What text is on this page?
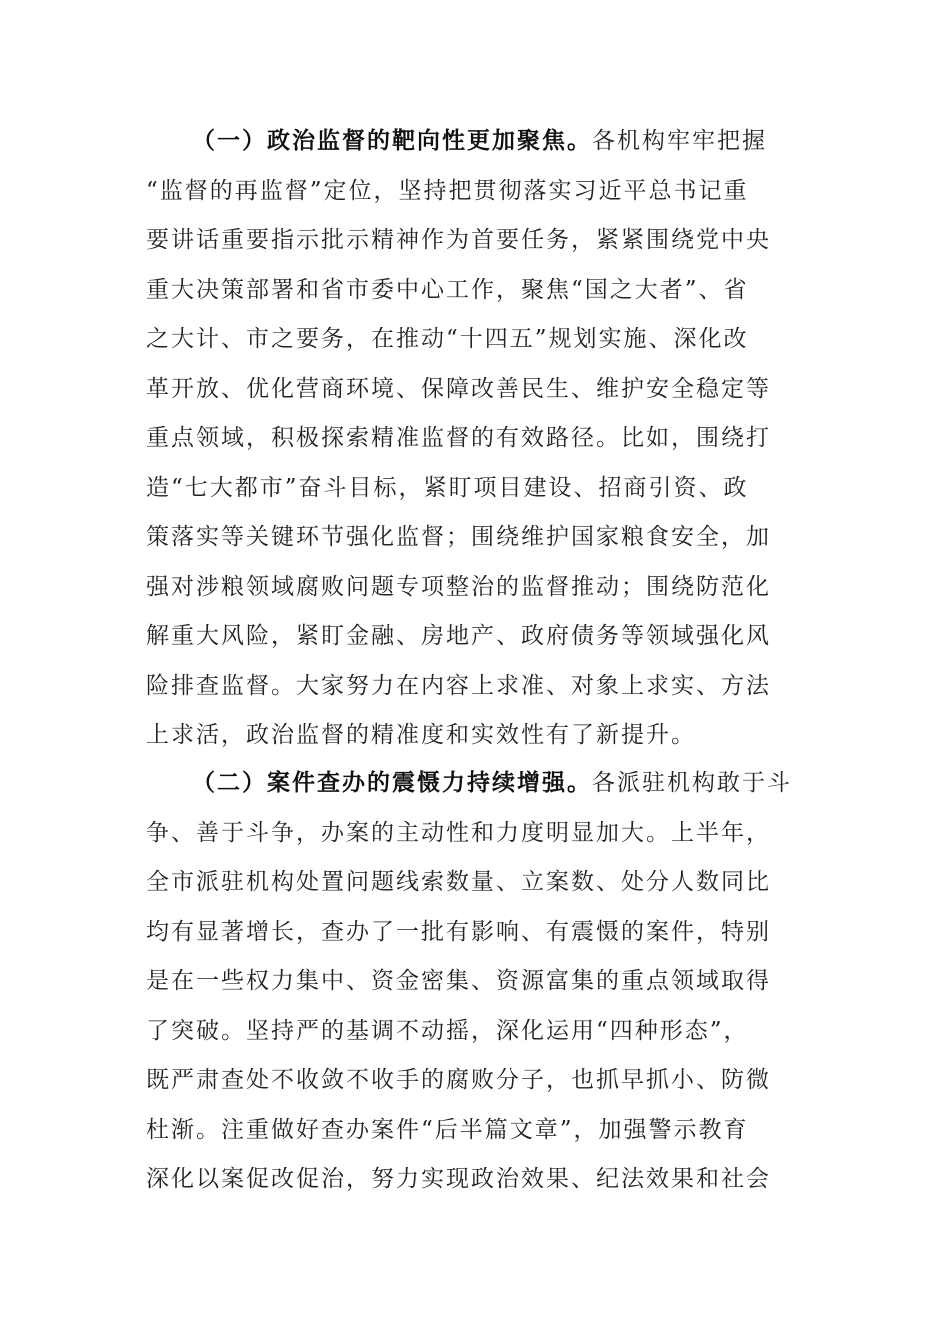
（一）政治监督的靶向性更加聚焦。各机构牢牢把握
“监督的再监督”定位，坚持把贯彻落实习近平总书记重
要讲话重要指示批示精神作为首要任务，紧紧围绕党中央
重大决策部署和省市委中心工作，聚焦“国之大者”、省
之大计、市之要务，在推动“十四五”规划实施、深化改
革开放、优化营商环境、保障改善民生、维护安全稳定等
重点领域，积极探索精准监督的有效路径。比如，围绕打
造“七大都市”奋斗目标，紧盯项目建设、招商引资、政
策落实等关键环节强化监督；围绕维护国家粮食安全，加
强对涉粮领域腐败问题专项整治的监督推动；围绕防范化
解重大风险，紧盯金融、房地产、政府债务等领域强化风
险排查监督。大家努力在内容上求准、对象上求实、方法
上求活，政治监督的精准度和实效性有了新提升。
（二）案件查办的震慑力持续增强。各派驻机构敢于斗
争、善于斗争，办案的主动性和力度明显加大。上半年，
全市派驻机构处置问题线索数量、立案数、处分人数同比
均有显著增长，查办了一批有影响、有震慑的案件，特别
是在一些权力集中、资金密集、资源富集的重点领域取得
了突破。坚持严的基调不动摇，深化运用“四种形态”，
既严肃查处不收敛不收手的腐败分子，也抓早抓小、防微
杜渐。注重做好查办案件“后半篇文章”，加强警示教育
深化以案促改促治，努力实现政治效果、纪法效果和社会
